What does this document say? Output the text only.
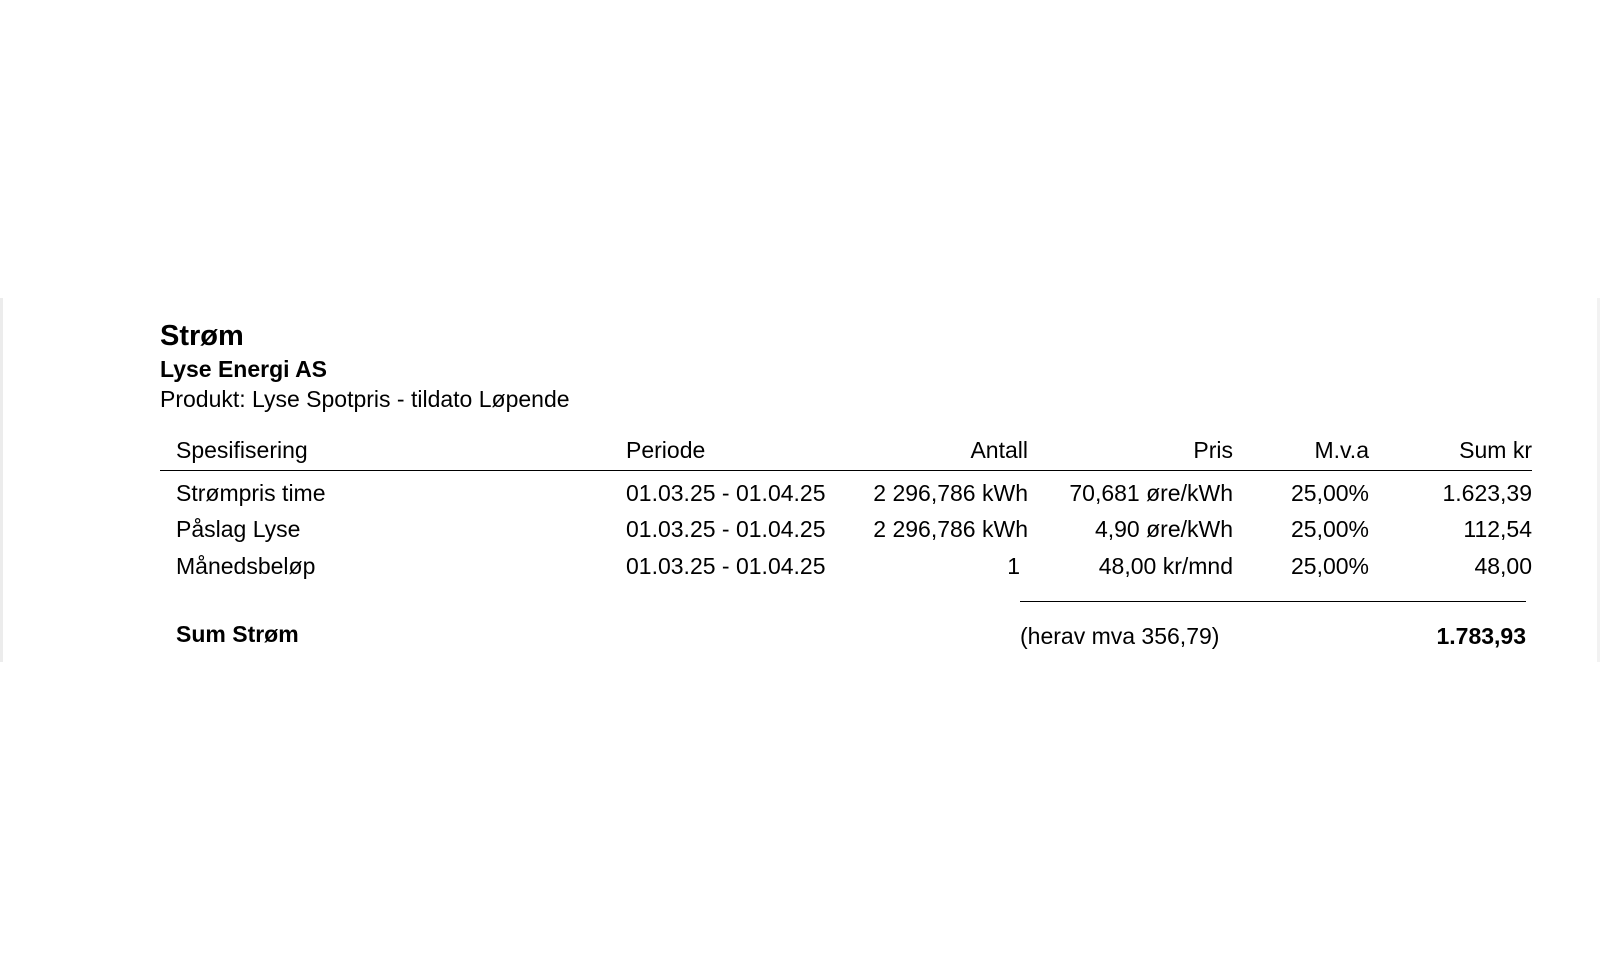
Strøm
Lyse Energi AS
Produkt: Lyse Spotpris - tildato Løpende
Spesifisering	Periode	Antall	Pris	M.v.a	Sum kr
Strømpris time	01.03.25 - 01.04.25	2 296,786 kWh	70,681 øre/kWh	25,00%	1.623,39
Påslag Lyse	01.03.25 - 01.04.25	2 296,786 kWh	4,90 øre/kWh	25,00%	112,54
Månedsbeløp	01.03.25 - 01.04.25	1	48,00 kr/mnd	25,00%	48,00
Sum Strøm	(herav mva 356,79)	1.783,93
